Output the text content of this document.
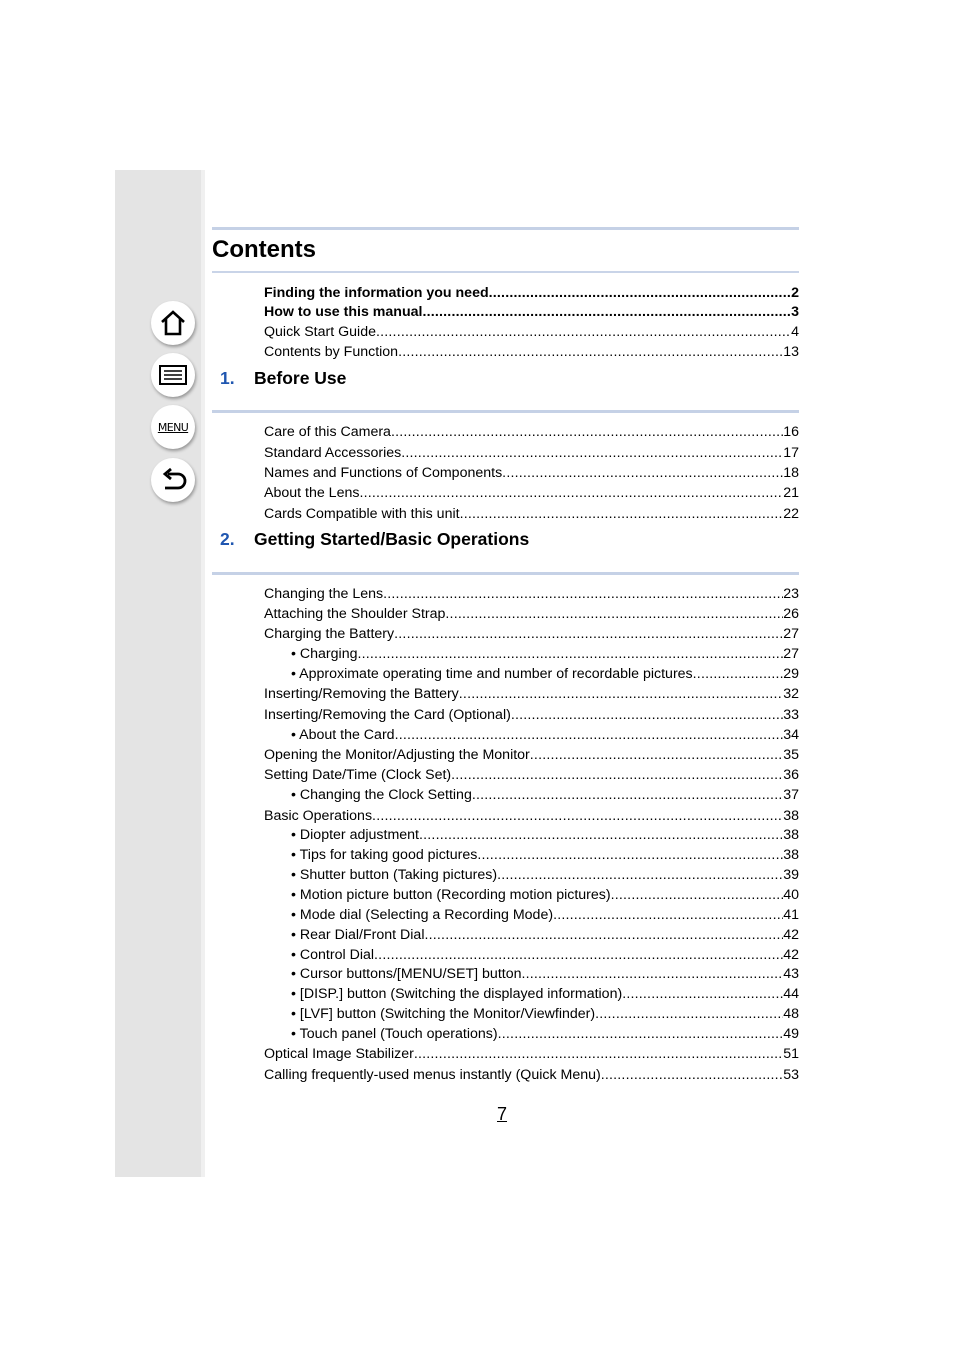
MENU
Contents
Finding the information you need .....	2
How to use this manual .....	3
Quick Start Guide .....	4
Contents by Function .....	13
1. Before Use
Care of this Camera .....	16
Standard Accessories .....	17
Names and Functions of Components .....	18
About the Lens .....	21
Cards Compatible with this unit .....	22
2. Getting Started/Basic Operations
Changing the Lens .....	23
Attaching the Shoulder Strap .....	26
Charging the Battery .....	27
• Charging .....	27
• Approximate operating time and number of recordable pictures .....	29
Inserting/Removing the Battery .....	32
Inserting/Removing the Card (Optional) .....	33
• About the Card .....	34
Opening the Monitor/Adjusting the Monitor .....	35
Setting Date/Time (Clock Set) .....	36
• Changing the Clock Setting .....	37
Basic Operations .....	38
• Diopter adjustment .....	38
• Tips for taking good pictures .....	38
• Shutter button (Taking pictures) .....	39
• Motion picture button (Recording motion pictures) .....	40
• Mode dial (Selecting a Recording Mode) .....	41
• Rear Dial/Front Dial .....	42
• Control Dial .....	42
• Cursor buttons/[MENU/SET] button .....	43
• [DISP.] button (Switching the displayed information) .....	44
• [LVF] button (Switching the Monitor/Viewfinder) .....	48
• Touch panel (Touch operations) .....	49
Optical Image Stabilizer .....	51
Calling frequently-used menus instantly (Quick Menu) .....	53
7
